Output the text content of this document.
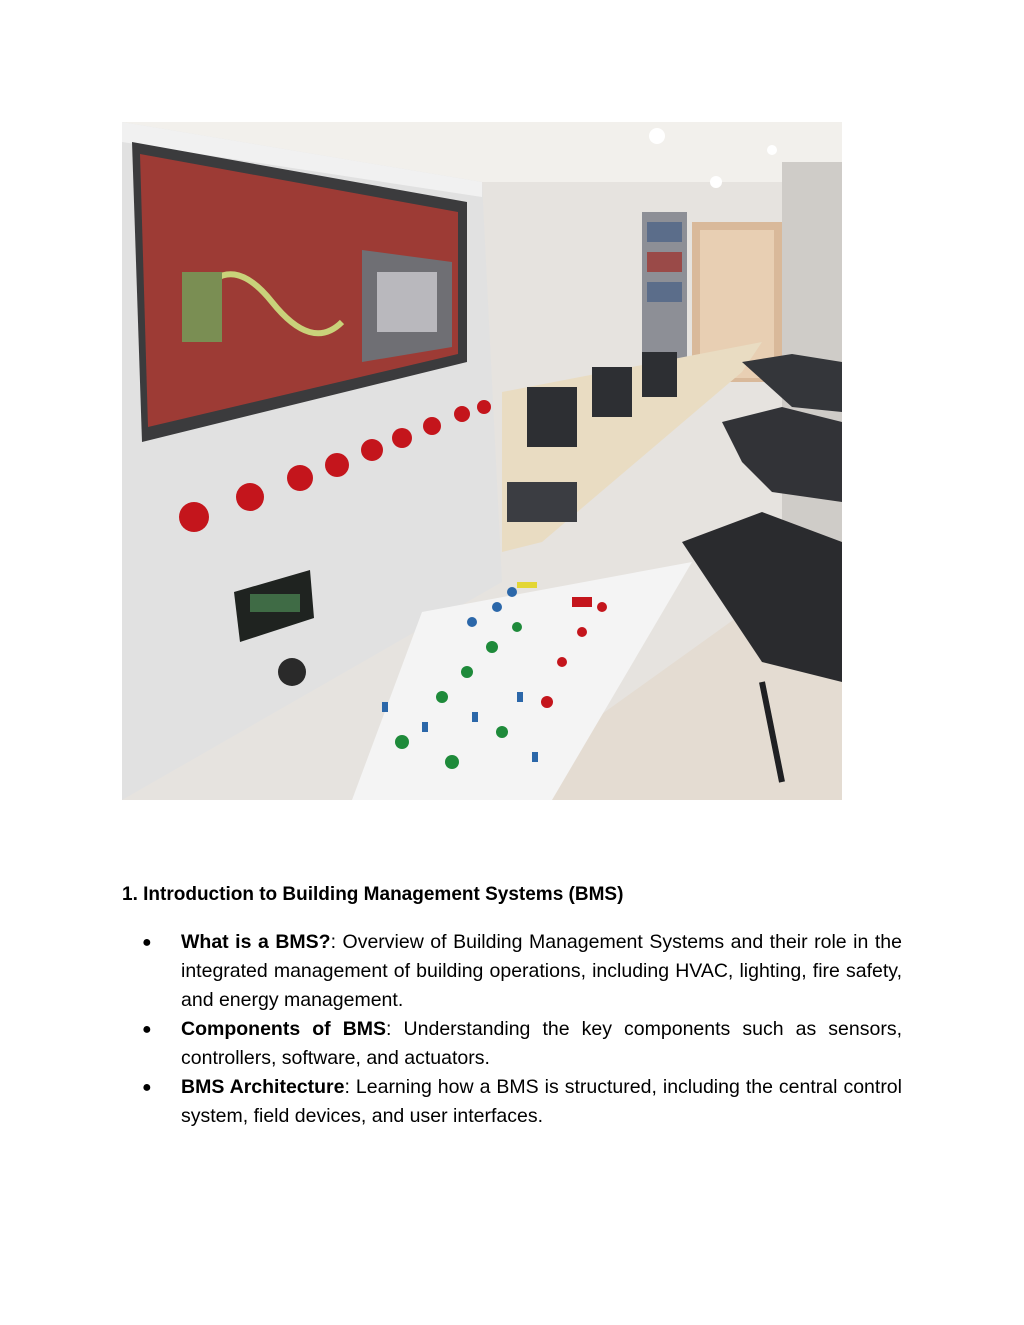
1. Introduction to Building Management Systems (BMS)
● What is a BMS?: Overview of Building Management Systems and their role in the integrated management of building operations, including HVAC, lighting, fire safety, and energy management.
● Components of BMS: Understanding the key components such as sensors, controllers, software, and actuators.
● BMS Architecture: Learning how a BMS is structured, including the central control system, field devices, and user interfaces.
